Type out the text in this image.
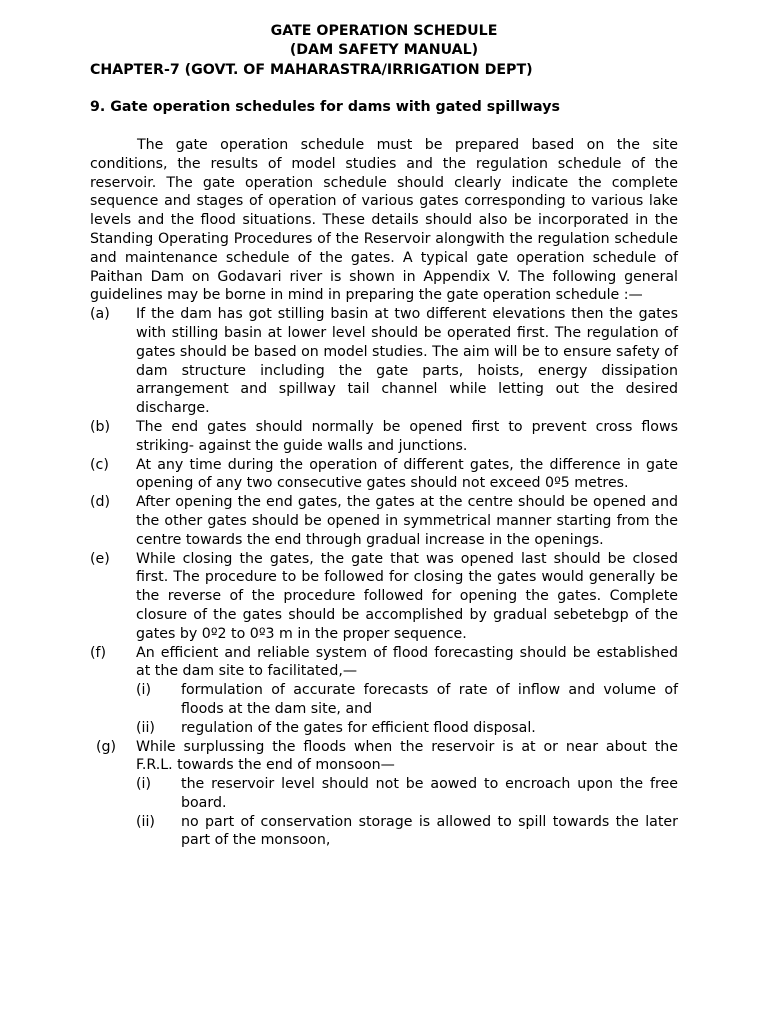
GATE OPERATION SCHEDULE
(DAM SAFETY MANUAL)
CHAPTER-7 (GOVT. OF MAHARASTRA/IRRIGATION DEPT)
9. Gate operation schedules for dams with gated spillways

The gate operation schedule must be prepared based on the site conditions, the results of model studies and the regulation schedule of the reservoir. The gate operation schedule should clearly indicate the complete sequence and stages of operation of various gates corresponding to various lake levels and the flood situations. These details should also be incorporated in the Standing Operating Procedures of the Reservoir alongwith the regulation schedule and maintenance schedule of the gates. A typical gate operation schedule of Paithan Dam on Godavari river is shown in Appendix V. The following general guidelines may be borne in mind in preparing the gate operation schedule :—

(a) If the dam has got stilling basin at two different elevations then the gates with stilling basin at lower level should be operated first. The regulation of gates should be based on model studies. The aim will be to ensure safety of dam structure including the gate parts, hoists, energy dissipation arrangement and spillway tail channel while letting out the desired discharge.
(b) The end gates should normally be opened first to prevent cross flows striking- against the guide walls and junctions.
(c) At any time during the operation of different gates, the difference in gate opening of any two consecutive gates should not exceed 0º5 metres.
(d) After opening the end gates, the gates at the centre should be opened and the other gates should be opened in symmetrical manner starting from the centre towards the end through gradual increase in the openings.
(e) While closing the gates, the gate that was opened last should be closed first. The procedure to be followed for closing the gates would generally be the reverse of the procedure followed for opening the gates. Complete closure of the gates should be accomplished by gradual sebetebgp of the gates by 0º2 to 0º3 m in the proper sequence.
(f) An efficient and reliable system of flood forecasting should be established at the dam site to facilitated,—
(i) formulation of accurate forecasts of rate of inflow and volume of floods at the dam site, and
(ii) regulation of the gates for efficient flood disposal.
(g) While surplussing the floods when the reservoir is at or near about the F.R.L. towards the end of monsoon—
(i) the reservoir level should not be aowed to encroach upon the free board.
(ii) no part of conservation storage is allowed to spill towards the later part of the monsoon,
